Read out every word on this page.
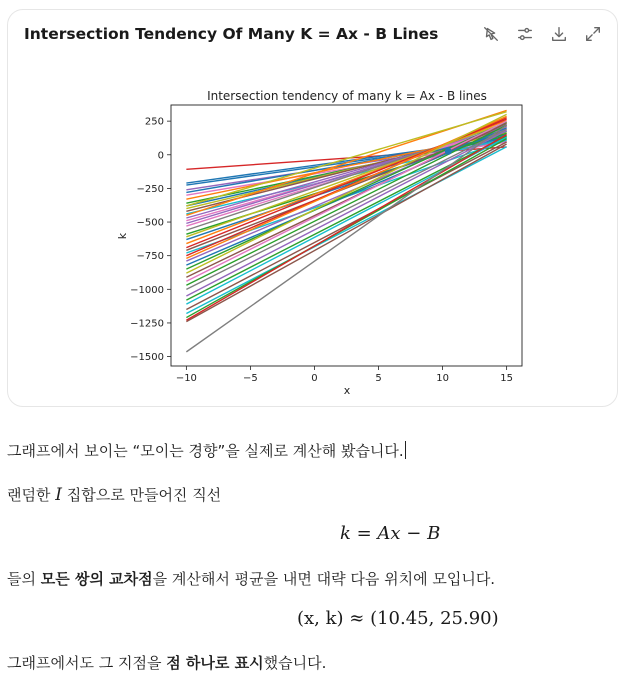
Intersection Tendency Of Many K = Ax - B Lines
Intersection tendency of many k = Ax - B lines
−10	−5	0	5	10	15
250
0
−250
−500
−750
−1000
−1250
−1500
x
k
그래프에서 보이는 “모이는 경향”을 실제로 계산해 봤습니다.
랜덤한 I 집합으로 만들어진 직선
k = Ax − B
들의 모든 쌍의 교차점을 계산해서 평균을 내면 대략 다음 위치에 모입니다.
(x, k) ≈ (10.45, 25.90)
그래프에서도 그 지점을 점 하나로 표시했습니다.
